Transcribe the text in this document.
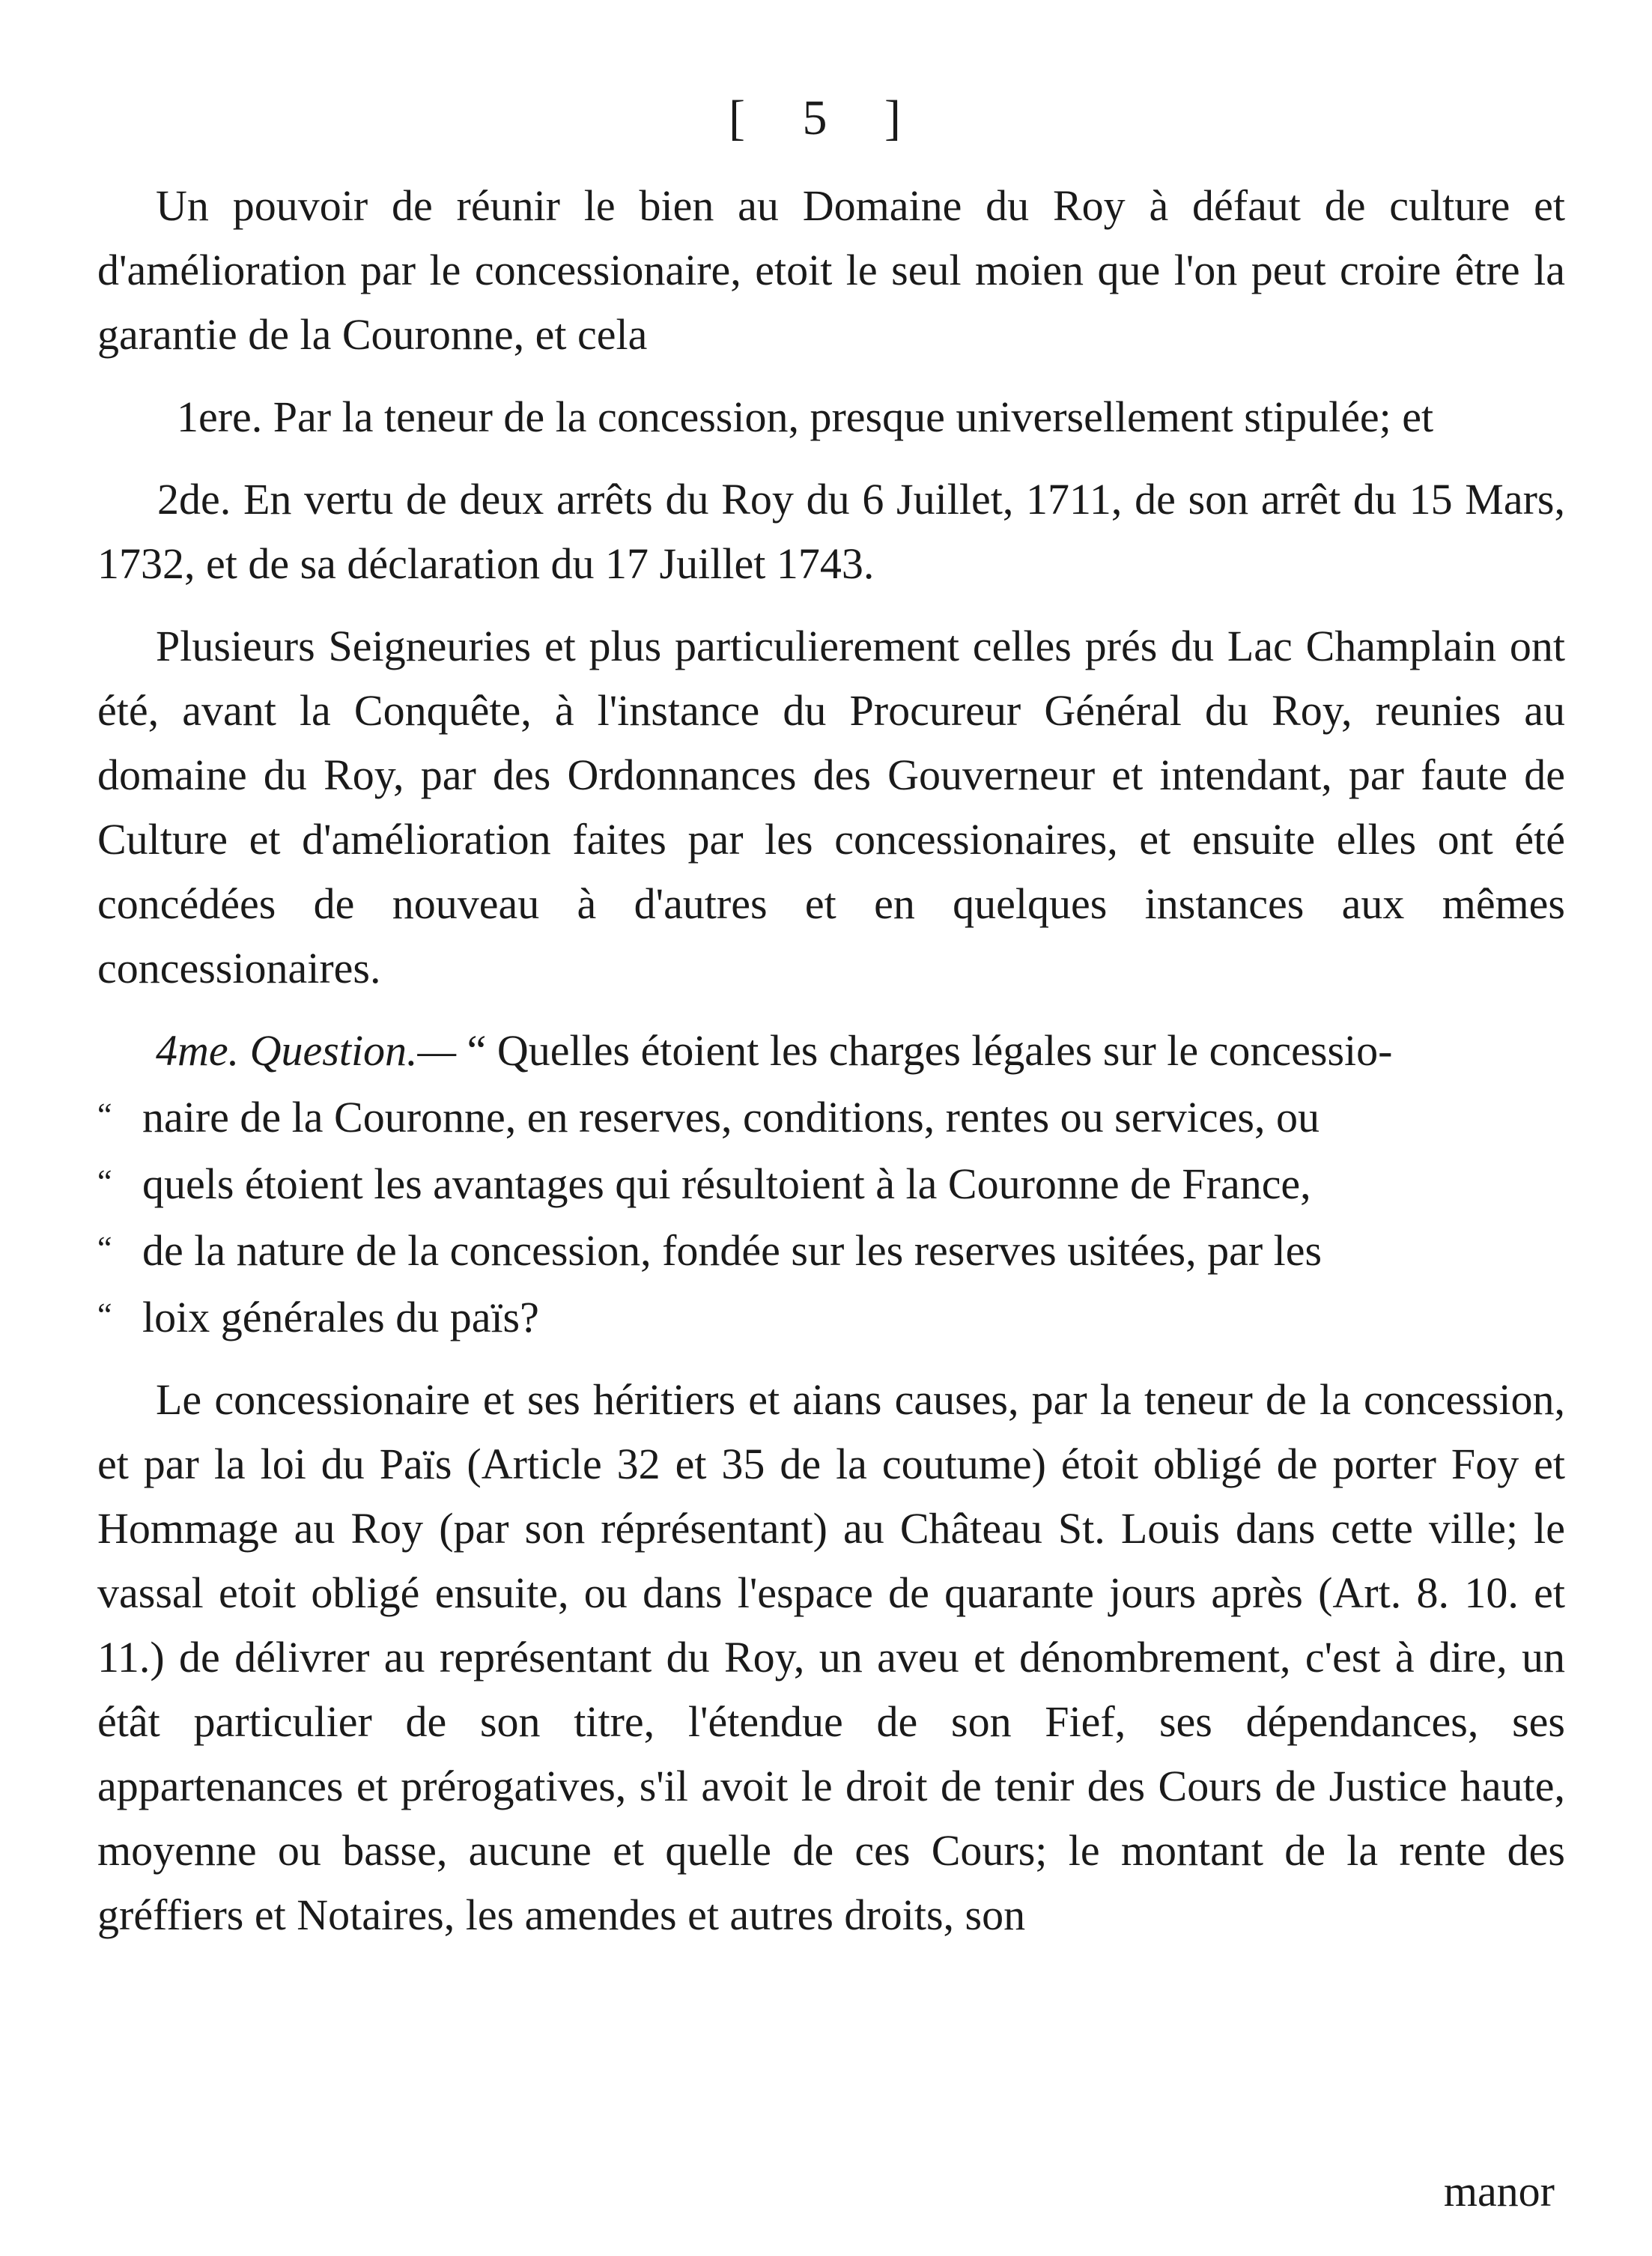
[ 5 ]

Un pouvoir de réunir le bien au Domaine du Roy à défaut de culture et d'amélioration par le concessionaire, etoit le seul moien que l'on peut croire être la garantie de la Couronne, et cela

1ere. Par la teneur de la concession, presque universellement stipulée; et

2de. En vertu de deux arrêts du Roy du 6 Juillet, 1711, de son arrêt du 15 Mars, 1732, et de sa déclaration du 17 Juillet 1743.

Plusieurs Seigneuries et plus particulierement celles prés du Lac Champlain ont été, avant la Conquête, à l'instance du Procureur Général du Roy, reunies au domaine du Roy, par des Ordonnances des Gouverneur et intendant, par faute de Culture et d'amélioration faites par les concessionaires, et ensuite elles ont été concédées de nouveau à d'autres et en quelques instances aux mêmes concessionaires.

4me. Question.— “ Quelles étoient les charges légales sur le concessio-
“ naire de la Couronne, en reserves, conditions, rentes ou services, ou
“ quels étoient les avantages qui résultoient à la Couronne de France,
“ de la nature de la concession, fondée sur les reserves usitées, par les
“ loix générales du païs?

Le concessionaire et ses héritiers et aians causes, par la teneur de la concession, et par la loi du Païs (Article 32 et 35 de la coutume) étoit obligé de porter Foy et Hommage au Roy (par son réprésentant) au Château St. Louis dans cette ville; le vassal etoit obligé ensuite, ou dans l'espace de quarante jours après (Art. 8. 10. et 11.) de délivrer au représentant du Roy, un aveu et dénombrement, c'est à dire, un étât particulier de son titre, l'étendue de son Fief, ses dépendances, ses appartenances et prérogatives, s'il avoit le droit de tenir des Cours de Justice haute, moyenne ou basse, aucune et quelle de ces Cours; le montant de la rente des gréffiers et Notaires, les amendes et autres droits, son

manor
